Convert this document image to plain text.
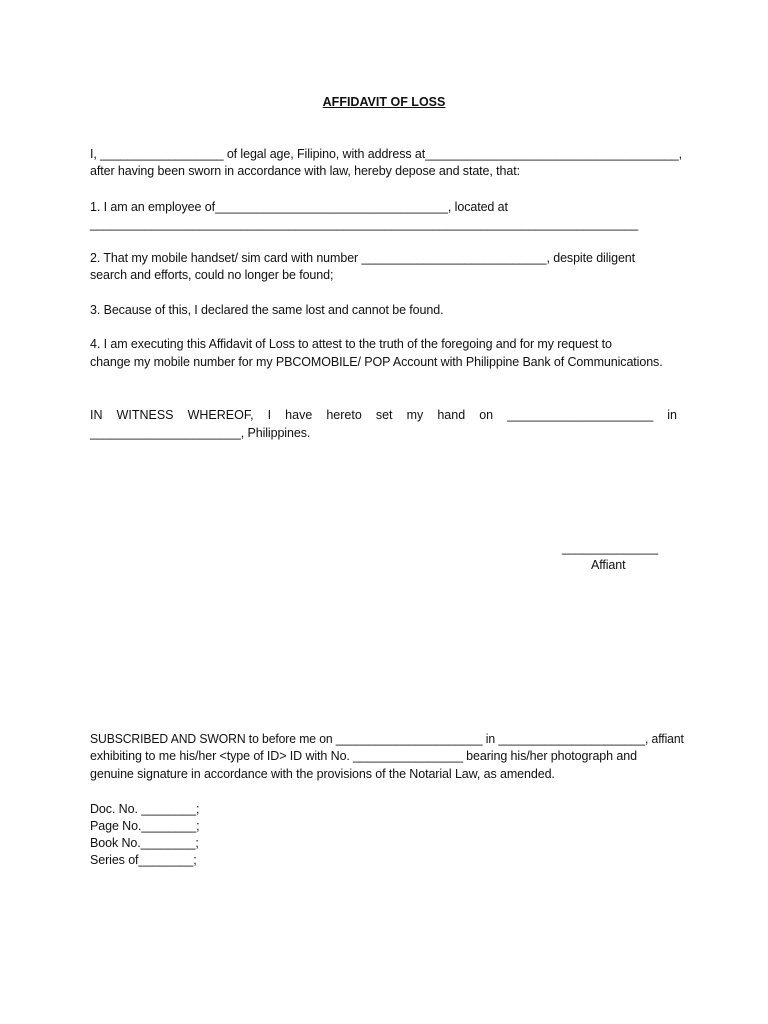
AFFIDAVIT OF LOSS
I, __________________ of legal age, Filipino, with address at_____________________________________,
after having been sworn in accordance with law, hereby depose and state, that:
1. I am an employee of__________________________________, located at
________________________________________________________________________________
2. That my mobile handset/ sim card with number ___________________________, despite diligent
search and efforts, could no longer be found;
3. Because of this, I declared the same lost and cannot be found.
4. I am executing this Affidavit of Loss to attest to the truth of the foregoing and for my request to
change my mobile number for my PBCOMOBILE/ POP Account with Philippine Bank of Communications.
IN WITNESS WHEREOF, I have hereto set my hand on _____________________ in
______________________, Philippines.
______________
Affiant
SUBSCRIBED AND SWORN to before me on ______________________ in ______________________, affiant
exhibiting to me his/her <type of ID> ID with No. ________________ bearing his/her photograph and
genuine signature in accordance with the provisions of the Notarial Law, as amended.
Doc. No. ________;
Page No.________;
Book No.________;
Series of________;
